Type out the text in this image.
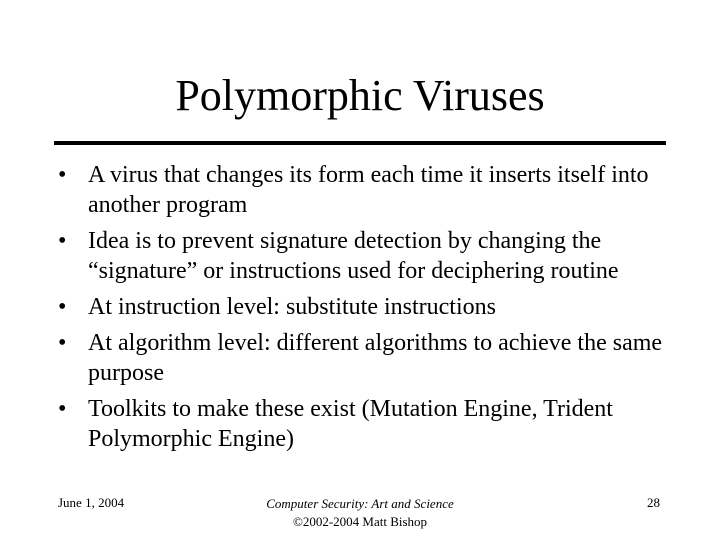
Polymorphic Viruses
• A virus that changes its form each time it inserts itself into another program
• Idea is to prevent signature detection by changing the “signature” or instructions used for deciphering routine
• At instruction level: substitute instructions
• At algorithm level: different algorithms to achieve the same purpose
• Toolkits to make these exist (Mutation Engine, Trident Polymorphic Engine)
June 1, 2004	Computer Security: Art and Science
©2002-2004 Matt Bishop
28
